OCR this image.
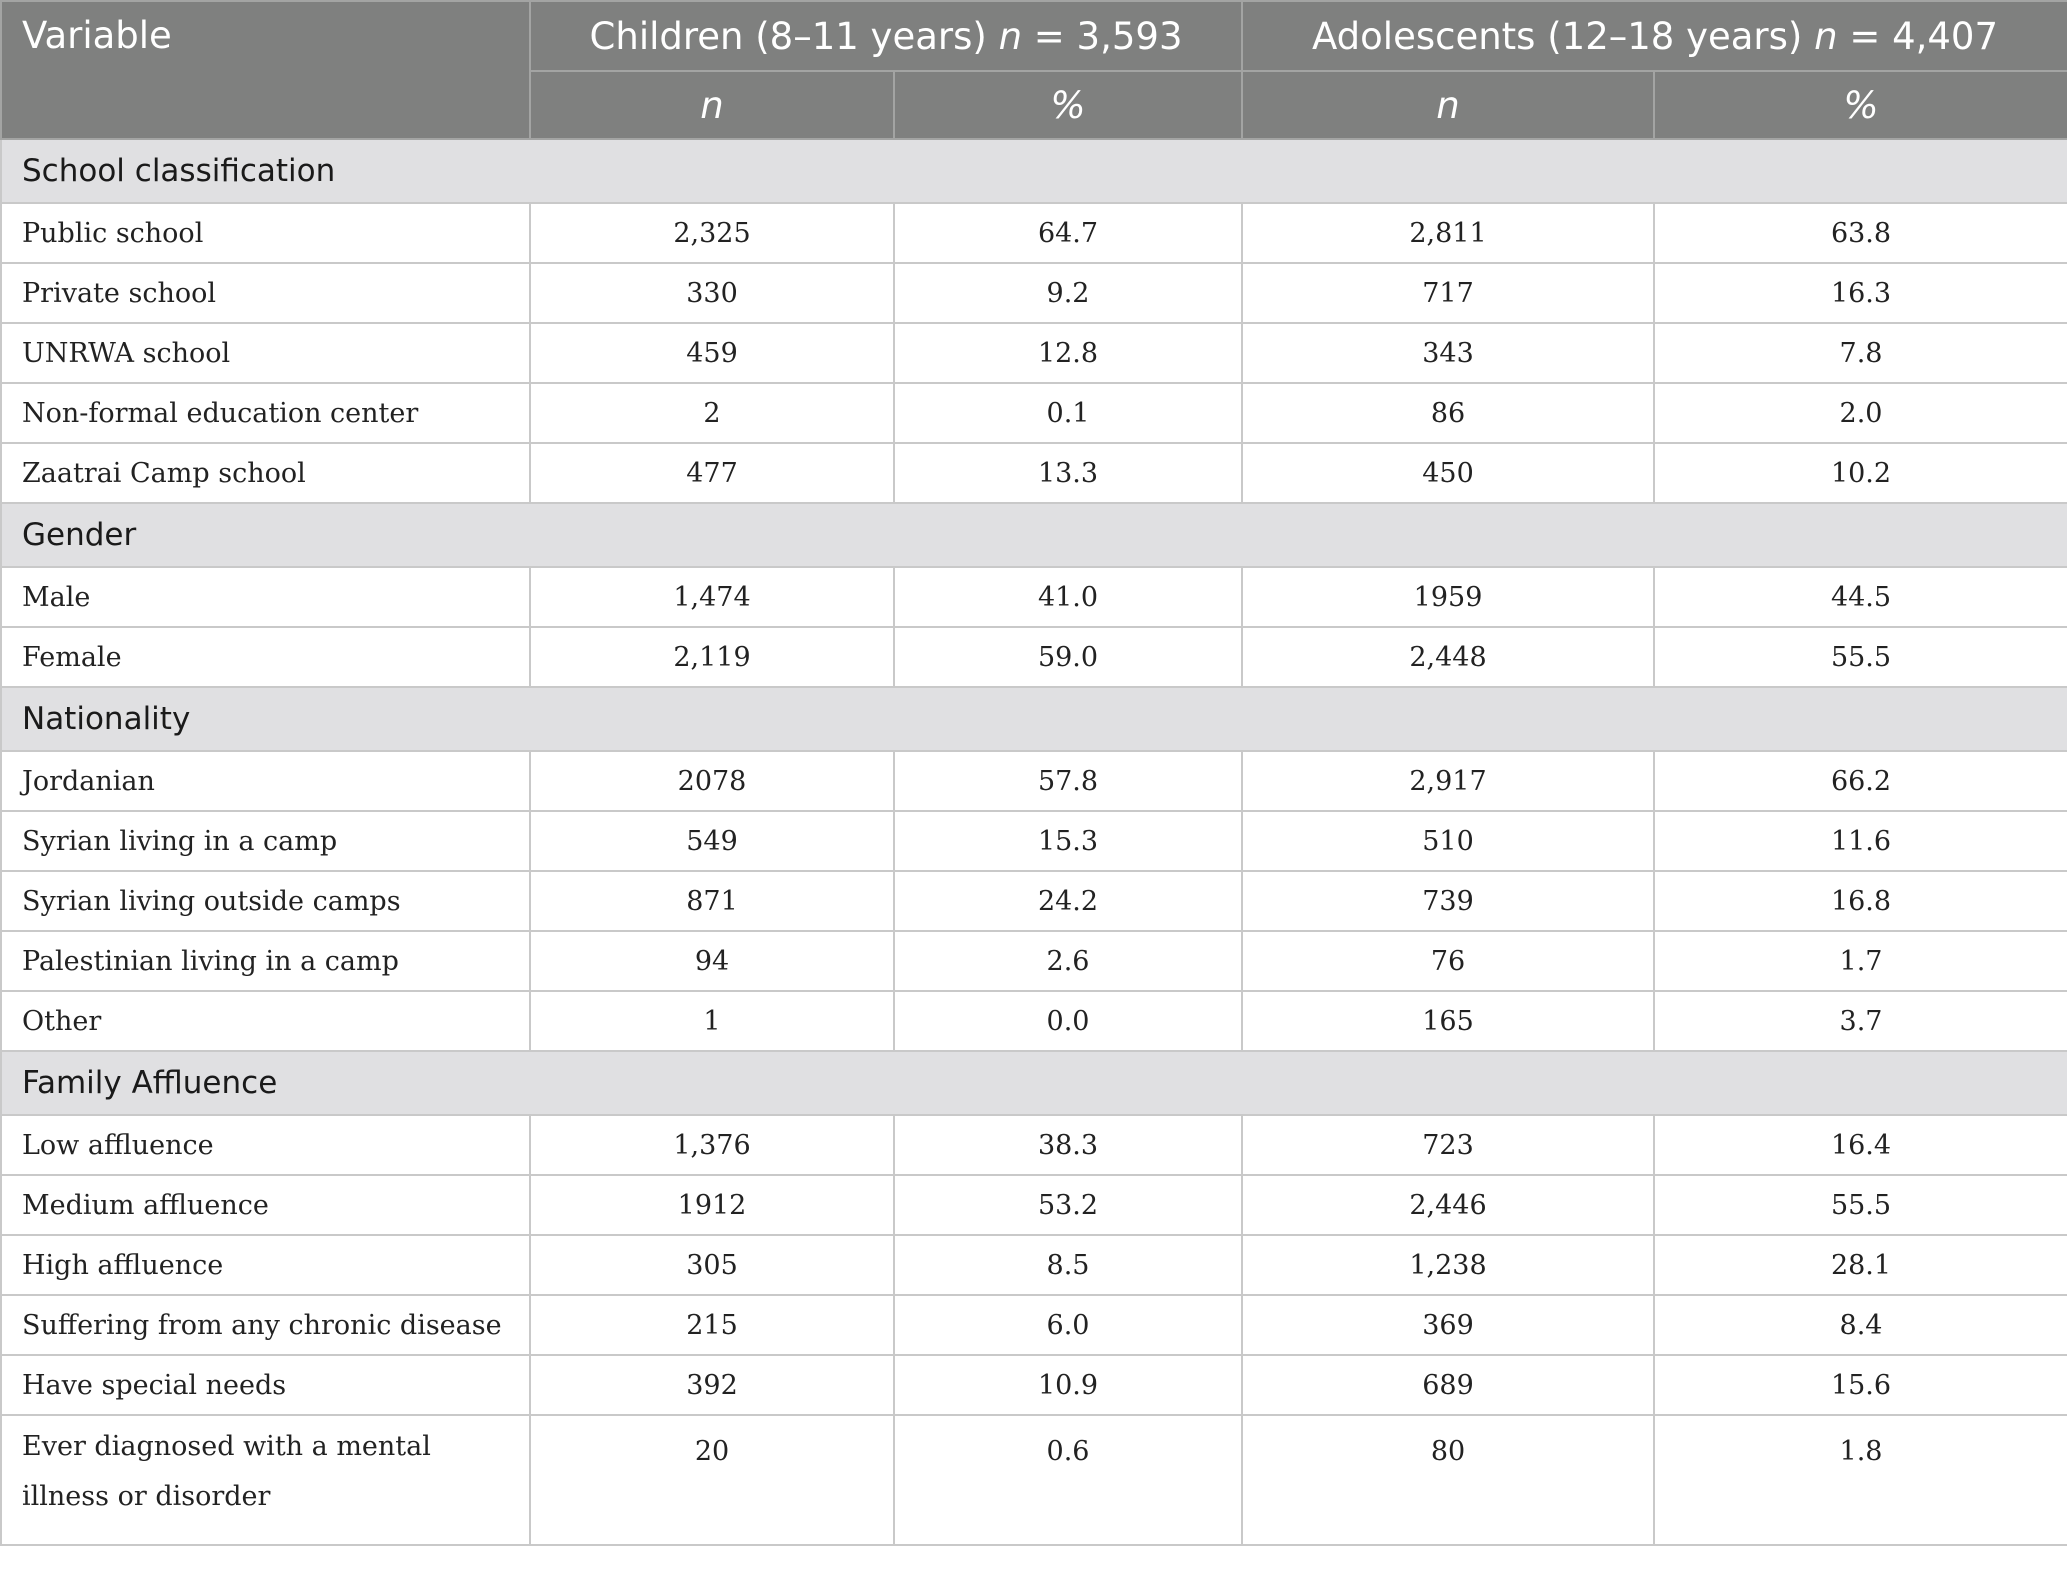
Variable	Children (8–11 years) n = 3,593		Adolescents (12–18 years) n = 4,407	
	n	%	n	%
School classification				
Public school	2,325	64.7	2,811	63.8
Private school	330	9.2	717	16.3
UNRWA school	459	12.8	343	7.8
Non-formal education center	2	0.1	86	2.0
Zaatrai Camp school	477	13.3	450	10.2
Gender				
Male	1,474	41.0	1959	44.5
Female	2,119	59.0	2,448	55.5
Nationality				
Jordanian	2078	57.8	2,917	66.2
Syrian living in a camp	549	15.3	510	11.6
Syrian living outside camps	871	24.2	739	16.8
Palestinian living in a camp	94	2.6	76	1.7
Other	1	0.0	165	3.7
Family Affluence				
Low affluence	1,376	38.3	723	16.4
Medium affluence	1912	53.2	2,446	55.5
High affluence	305	8.5	1,238	28.1
Suffering from any chronic disease	215	6.0	369	8.4
Have special needs	392	10.9	689	15.6
Ever diagnosed with a mental illness or disorder	20	0.6	80	1.8
